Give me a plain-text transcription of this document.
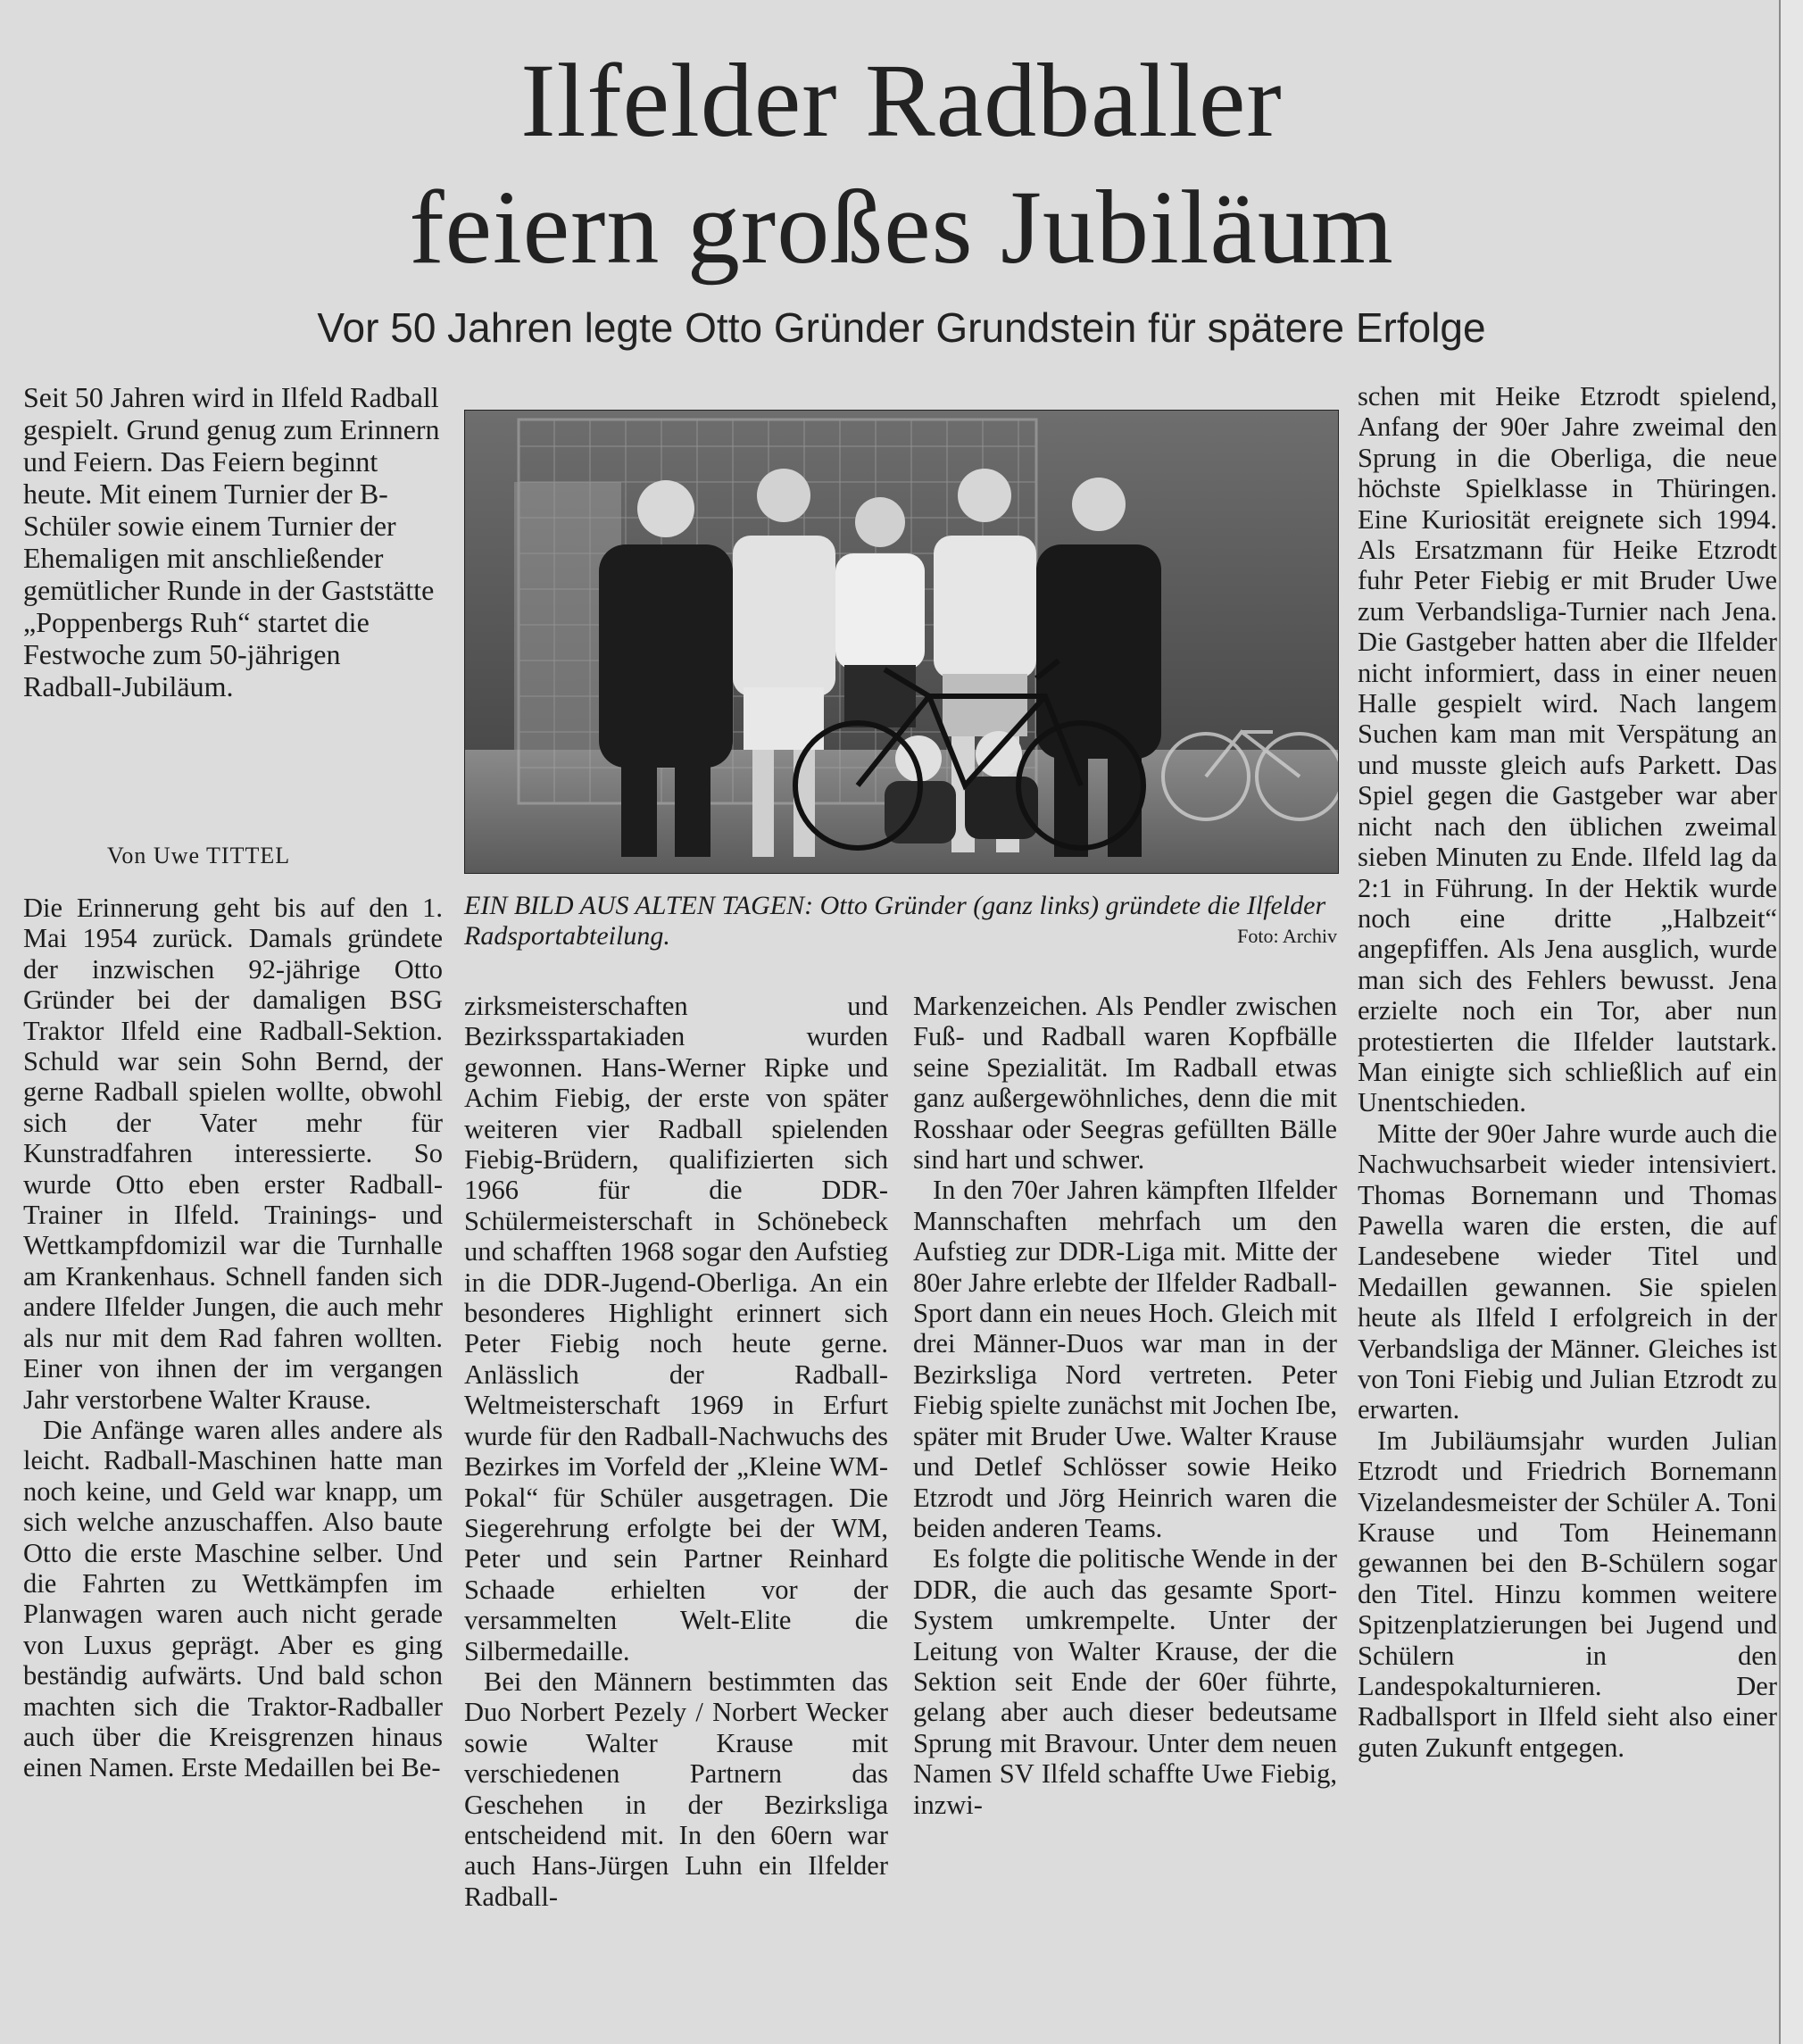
Ilfelder Radballer
feiern großes Jubiläum
Vor 50 Jahren legte Otto Gründer Grundstein für spätere Erfolge

Seit 50 Jahren wird in Ilfeld Radball gespielt. Grund genug zum Erinnern und Feiern. Das Feiern beginnt heute. Mit einem Turnier der B-Schüler sowie einem Turnier der Ehemaligen mit anschließender gemütlicher Runde in der Gaststätte „Poppenbergs Ruh“ startet die Festwoche zum 50-jährigen Radball-Jubiläum.

Von Uwe TITTEL
EIN BILD AUS ALTEN TAGEN: Otto Gründer (ganz links) gründete die Ilfelder Radsportabteilung.	Foto: Archiv

Die Erinnerung geht bis auf den 1. Mai 1954 zurück. Damals gründete der inzwischen 92-jährige Otto Gründer bei der damaligen BSG Traktor Ilfeld eine Radball-Sektion. Schuld war sein Sohn Bernd, der gerne Radball spielen wollte, obwohl sich der Vater mehr für Kunstradfahren interessierte. So wurde Otto eben erster Radball-Trainer in Ilfeld. Trainings- und Wettkampfdomizil war die Turnhalle am Krankenhaus. Schnell fanden sich andere Ilfelder Jungen, die auch mehr als nur mit dem Rad fahren wollten. Einer von ihnen der im vergangen Jahr verstorbene Walter Krause.

Die Anfänge waren alles andere als leicht. Radball-Maschinen hatte man noch keine, und Geld war knapp, um sich welche anzuschaffen. Also baute Otto die erste Maschine selber. Und die Fahrten zu Wettkämpfen im Planwagen waren auch nicht gerade von Luxus geprägt. Aber es ging beständig aufwärts. Und bald schon machten sich die Traktor-Radballer auch über die Kreisgrenzen hinaus einen Namen. Erste Medaillen bei Be-

zirksmeisterschaften und Bezirksspartakiaden wurden gewonnen. Hans-Werner Ripke und Achim Fiebig, der erste von später weiteren vier Radball spielenden Fiebig-Brüdern, qualifizierten sich 1966 für die DDR-Schülermeisterschaft in Schönebeck und schafften 1968 sogar den Aufstieg in die DDR-Jugend-Oberliga. An ein besonderes Highlight erinnert sich Peter Fiebig noch heute gerne. Anlässlich der Radball-Weltmeisterschaft 1969 in Erfurt wurde für den Radball-Nachwuchs des Bezirkes im Vorfeld der „Kleine WM-Pokal“ für Schüler ausgetragen. Die Siegerehrung erfolgte bei der WM, Peter und sein Partner Reinhard Schaade erhielten vor der versammelten Welt-Elite die Silbermedaille.

Bei den Männern bestimmten das Duo Norbert Pezely / Norbert Wecker sowie Walter Krause mit verschiedenen Partnern das Geschehen in der Bezirksliga entscheidend mit. In den 60ern war auch Hans-Jürgen Luhn ein Ilfelder Radball-

Markenzeichen. Als Pendler zwischen Fuß- und Radball waren Kopfbälle seine Spezialität. Im Radball etwas ganz außergewöhnliches, denn die mit Rosshaar oder Seegras gefüllten Bälle sind hart und schwer.

In den 70er Jahren kämpften Ilfelder Mannschaften mehrfach um den Aufstieg zur DDR-Liga mit. Mitte der 80er Jahre erlebte der Ilfelder Radball-Sport dann ein neues Hoch. Gleich mit drei Männer-Duos war man in der Bezirksliga Nord vertreten. Peter Fiebig spielte zunächst mit Jochen Ibe, später mit Bruder Uwe. Walter Krause und Detlef Schlösser sowie Heiko Etzrodt und Jörg Heinrich waren die beiden anderen Teams.

Es folgte die politische Wende in der DDR, die auch das gesamte Sport-System umkrempelte. Unter der Leitung von Walter Krause, der die Sektion seit Ende der 60er führte, gelang aber auch dieser bedeutsame Sprung mit Bravour. Unter dem neuen Namen SV Ilfeld schaffte Uwe Fiebig, inzwi-

schen mit Heike Etzrodt spielend, Anfang der 90er Jahre zweimal den Sprung in die Oberliga, die neue höchste Spielklasse in Thüringen. Eine Kuriosität ereignete sich 1994. Als Ersatzmann für Heike Etzrodt fuhr Peter Fiebig er mit Bruder Uwe zum Verbandsliga-Turnier nach Jena. Die Gastgeber hatten aber die Ilfelder nicht informiert, dass in einer neuen Halle gespielt wird. Nach langem Suchen kam man mit Verspätung an und musste gleich aufs Parkett. Das Spiel gegen die Gastgeber war aber nicht nach den üblichen zweimal sieben Minuten zu Ende. Ilfeld lag da 2:1 in Führung. In der Hektik wurde noch eine dritte „Halbzeit“ angepfiffen. Als Jena ausglich, wurde man sich des Fehlers bewusst. Jena erzielte noch ein Tor, aber nun protestierten die Ilfelder lautstark. Man einigte sich schließlich auf ein Unentschieden.

Mitte der 90er Jahre wurde auch die Nachwuchsarbeit wieder intensiviert. Thomas Bornemann und Thomas Pawella waren die ersten, die auf Landesebene wieder Titel und Medaillen gewannen. Sie spielen heute als Ilfeld I erfolgreich in der Verbandsliga der Männer. Gleiches ist von Toni Fiebig und Julian Etzrodt zu erwarten.

Im Jubiläumsjahr wurden Julian Etzrodt und Friedrich Bornemann Vizelandesmeister der Schüler A. Toni Krause und Tom Heinemann gewannen bei den B-Schülern sogar den Titel. Hinzu kommen weitere Spitzenplatzierungen bei Jugend und Schülern in den Landespokalturnieren. Der Radballsport in Ilfeld sieht also einer guten Zukunft entgegen.
